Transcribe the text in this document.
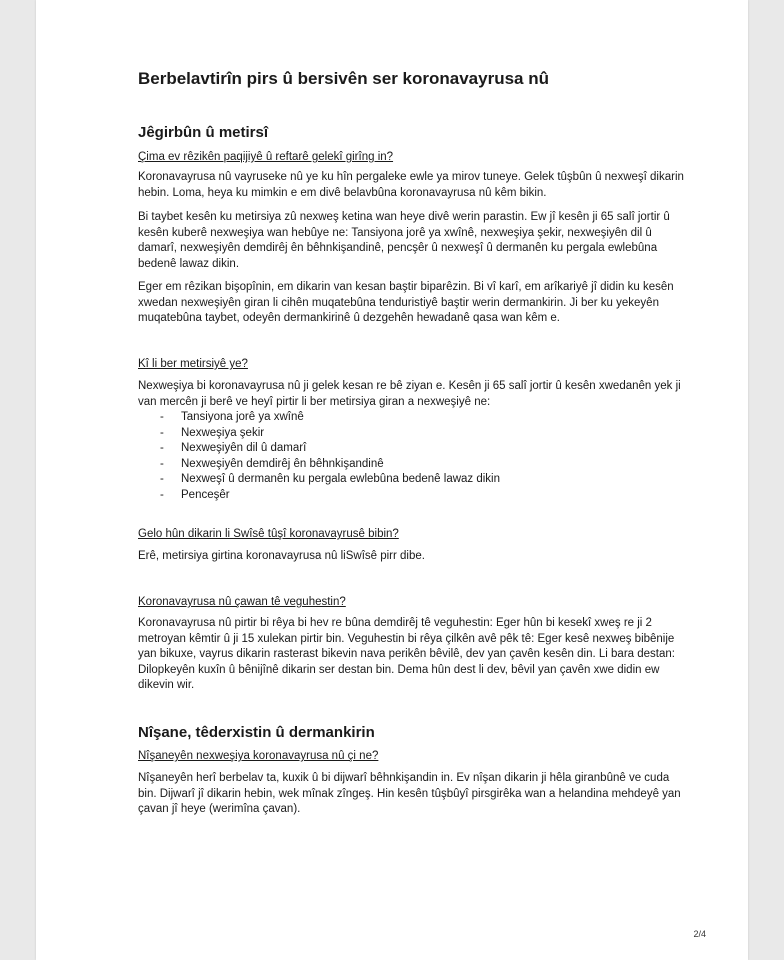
Berbelavtirîn pirs û bersivên ser koronavayrusa nû
Jêgirbûn û metirsî

Çima ev rêzikên paqijiyê û reftarê gelekî girîng in?

Koronavayrusa nû vayruseke nû ye ku hîn pergaleke ewle ya mirov tuneye. Gelek tûşbûn û nexweşî dikarin hebin. Loma, heya ku mimkin e em divê belavbûna koronavayrusa nû kêm bikin.

Bi taybet kesên ku metirsiya zû nexweş ketina wan heye divê werin parastin. Ew jî kesên ji 65 salî jortir û kesên kuberê nexweşiya wan hebûye ne: Tansiyona jorê ya xwînê, nexweşiya şekir, nexweşiyên dil û damarî, nexweşiyên demdirêj ên bêhnkişandinê, pencşêr û nexweşî û dermanên ku pergala ewlebûna bedenê lawaz dikin.

Eger em rêzikan bişopînin, em dikarin van kesan baştir biparêzin. Bi vî karî, em arîkariyê jî didin ku kesên xwedan nexweşiyên giran li cihên muqatebûna tenduristiyê baştir werin dermankirin. Ji ber ku yekeyên muqatebûna taybet, odeyên dermankirinê û dezgehên hewadanê qasa wan kêm e.

Kî li ber metirsiyê ye?

Nexweşiya bi koronavayrusa nû ji gelek kesan re bê ziyan e. Kesên ji 65 salî jortir û kesên xwedanên yek ji van mercên ji berê ve heyî pirtir li ber metirsiya giran a nexweşiyê ne:

- Tansiyona jorê ya xwînê
- Nexweşiya şekir
- Nexweşiyên dil û damarî
- Nexweşiyên demdirêj ên bêhnkişandinê
- Nexweşî û dermanên ku pergala ewlebûna bedenê lawaz dikin
- Penceşêr

Gelo hûn dikarin li Swîsê tûşî koronavayrusê bibin?

Erê, metirsiya girtina koronavayrusa nû liSwîsê pirr dibe.

Koronavayrusa nû çawan tê veguhestin?

Koronavayrusa nû pirtir bi rêya bi hev re bûna demdirêj tê veguhestin: Eger hûn bi kesekî xweş re ji 2 metroyan kêmtir û ji 15 xulekan pirtir bin. Veguhestin bi rêya çilkên avê pêk tê: Eger kesê nexweş bibênije yan bikuxe, vayrus dikarin rasterast bikevin nava perikên bêvilê, dev yan çavên kesên din. Li bara destan: Dilopkeyên kuxîn û bênijînê dikarin ser destan bin. Dema hûn dest li dev, bêvil yan çavên xwe didin ew dikevin wir.

Nîşane, têderxistin û dermankirin

Nîşaneyên nexweşiya koronavayrusa nû çi ne?

Nîşaneyên herî berbelav ta, kuxik û bi dijwarî bêhnkişandin in. Ev nîşan dikarin ji hêla giranbûnê ve cuda bin. Dijwarî jî dikarin hebin, wek mînak zîngeş. Hin kesên tûşbûyî pirsgirêka wan a helandina mehdeyê yan çavan jî heye (werimîna çavan).

2/4
